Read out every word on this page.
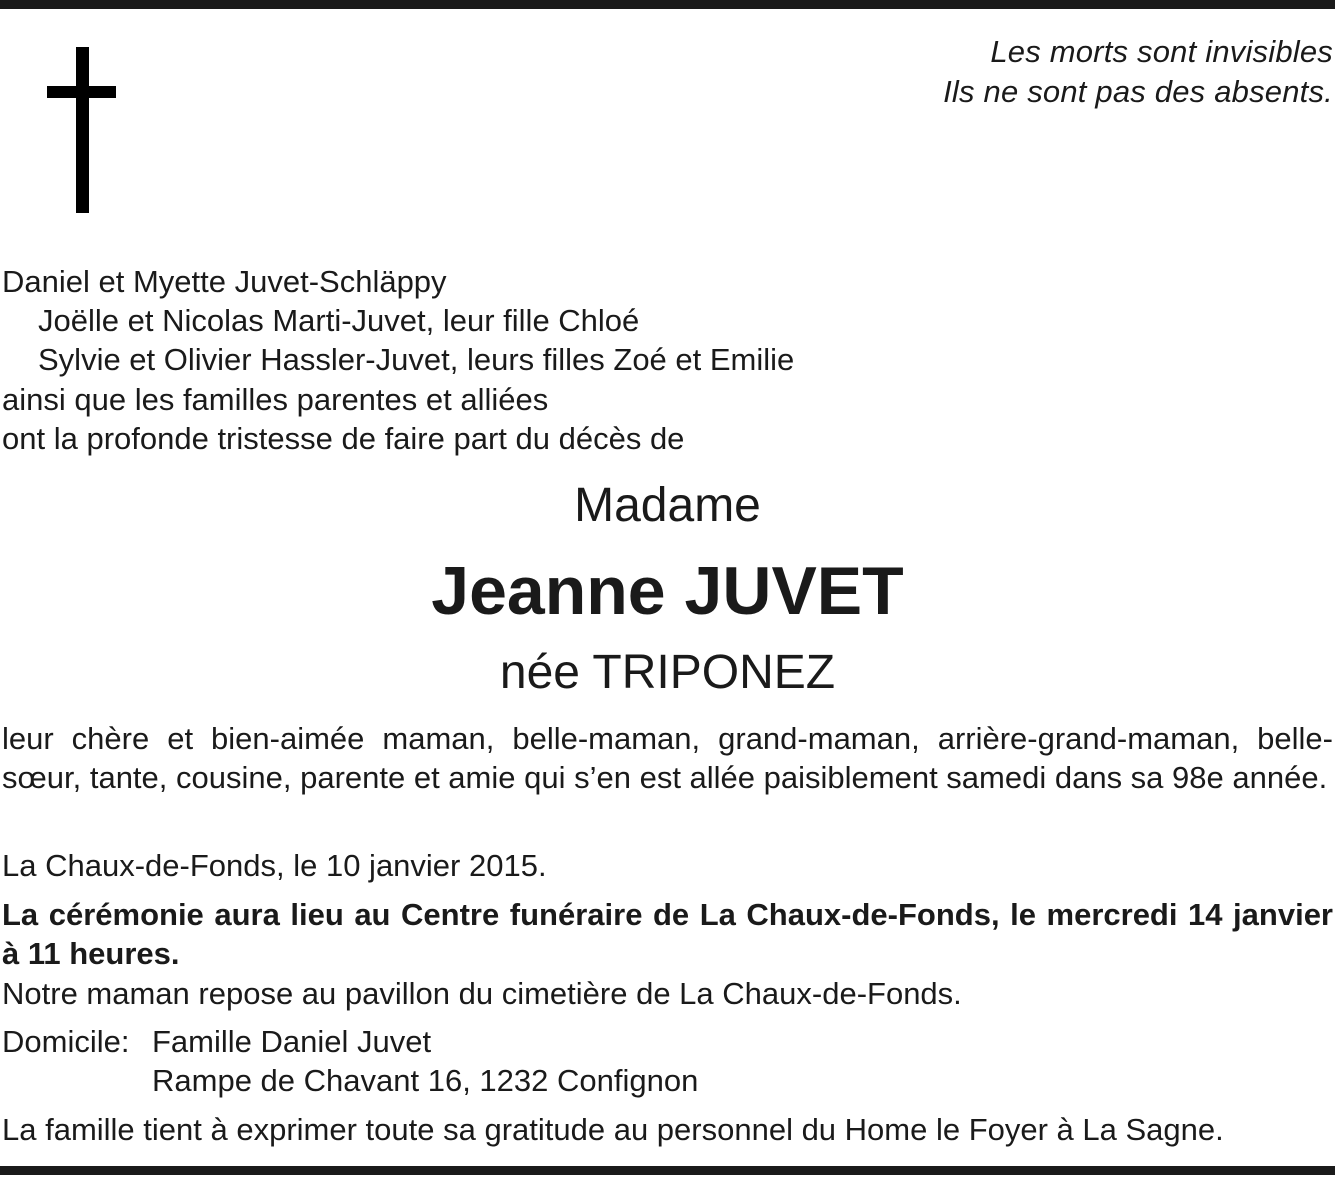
Les morts sont invisibles
Ils ne sont pas des absents.
Daniel et Myette Juvet-Schläppy
Joëlle et Nicolas Marti-Juvet, leur fille Chloé
Sylvie et Olivier Hassler-Juvet, leurs filles Zoé et Emilie
ainsi que les familles parentes et alliées
ont la profonde tristesse de faire part du décès de
Madame
Jeanne JUVET
née TRIPONEZ
leur chère et bien-aimée maman, belle-maman, grand-maman, arrière-grand-maman, belle-sœur, tante, cousine, parente et amie qui s’en est allée paisiblement samedi dans sa 98e année.
La Chaux-de-Fonds, le 10 janvier 2015.
La cérémonie aura lieu au Centre funéraire de La Chaux-de-Fonds, le mercredi 14 janvier à 11 heures.
Notre maman repose au pavillon du cimetière de La Chaux-de-Fonds.
Domicile: Famille Daniel Juvet
Rampe de Chavant 16, 1232 Confignon
La famille tient à exprimer toute sa gratitude au personnel du Home le Foyer à La Sagne.
